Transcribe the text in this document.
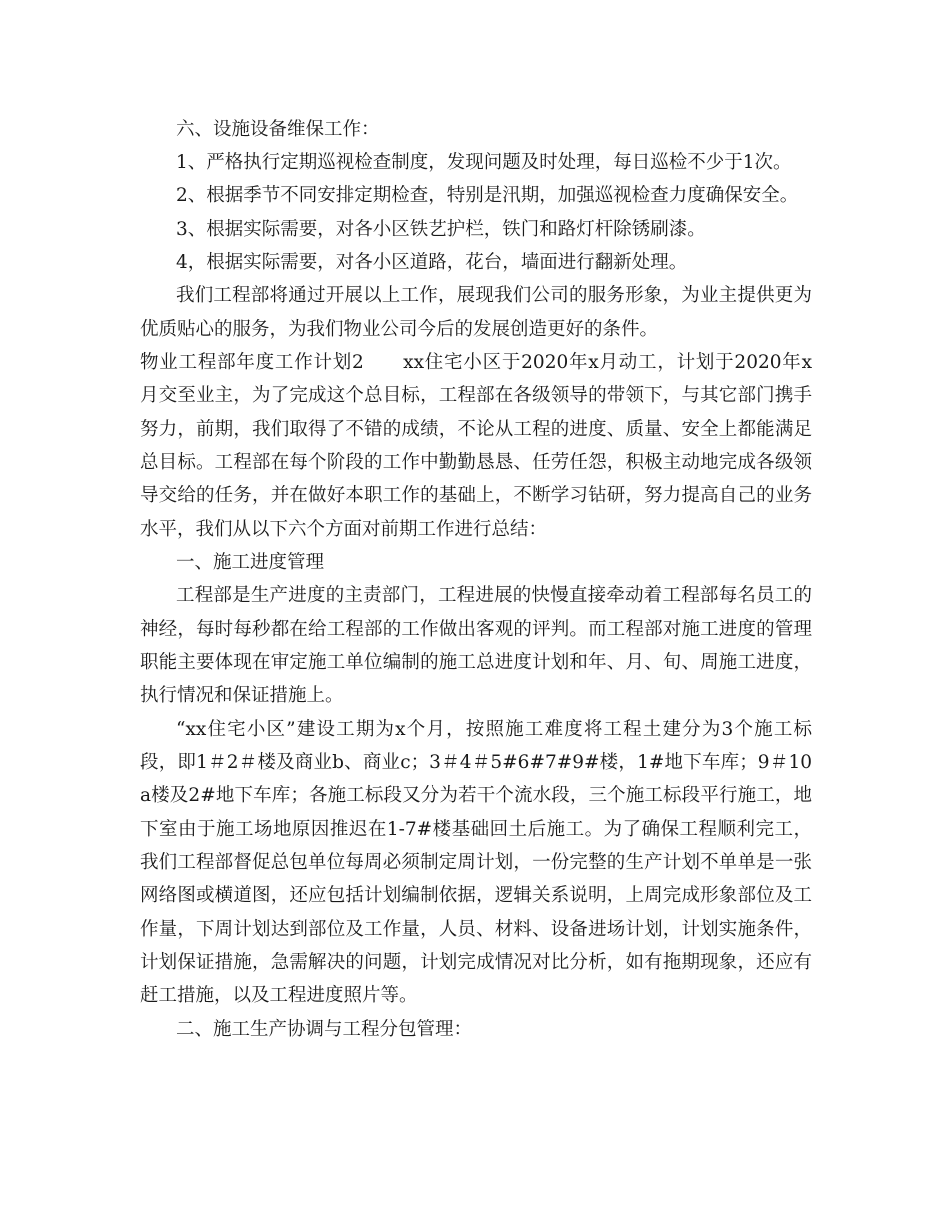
六、设施设备维保工作：
1、严格执行定期巡视检查制度，发现问题及时处理，每日巡检不少于1次。
2、根据季节不同安排定期检查，特别是汛期，加强巡视检查力度确保安全。
3、根据实际需要，对各小区铁艺护栏，铁门和路灯杆除锈刷漆。
4，根据实际需要，对各小区道路，花台，墙面进行翻新处理。
我们工程部将通过开展以上工作，展现我们公司的服务形象，为业主提供更为
优质贴心的服务，为我们物业公司今后的发展创造更好的条件。
物业工程部年度工作计划2　　xx住宅小区于2020年x月动工，计划于2020年x
月交至业主，为了完成这个总目标，工程部在各级领导的带领下，与其它部门携手
努力，前期，我们取得了不错的成绩，不论从工程的进度、质量、安全上都能满足
总目标。工程部在每个阶段的工作中勤勤恳恳、任劳任怨，积极主动地完成各级领
导交给的任务，并在做好本职工作的基础上，不断学习钻研，努力提高自己的业务
水平，我们从以下六个方面对前期工作进行总结：
一、施工进度管理
工程部是生产进度的主责部门，工程进展的快慢直接牵动着工程部每名员工的
神经，每时每秒都在给工程部的工作做出客观的评判。而工程部对施工进度的管理
职能主要体现在审定施工单位编制的施工总进度计划和年、月、旬、周施工进度，
执行情况和保证措施上。
“xx住宅小区”建设工期为x个月，按照施工难度将工程土建分为3个施工标
段，即1＃2＃楼及商业b、商业c；3＃4＃5#6#7#9#楼，1#地下车库；9＃10
a楼及2#地下车库；各施工标段又分为若干个流水段，三个施工标段平行施工，地
下室由于施工场地原因推迟在1-7#楼基础回土后施工。为了确保工程顺利完工，
我们工程部督促总包单位每周必须制定周计划，一份完整的生产计划不单单是一张
网络图或横道图，还应包括计划编制依据，逻辑关系说明，上周完成形象部位及工
作量，下周计划达到部位及工作量，人员、材料、设备进场计划，计划实施条件，
计划保证措施，急需解决的问题，计划完成情况对比分析，如有拖期现象，还应有
赶工措施，以及工程进度照片等。
二、施工生产协调与工程分包管理：
